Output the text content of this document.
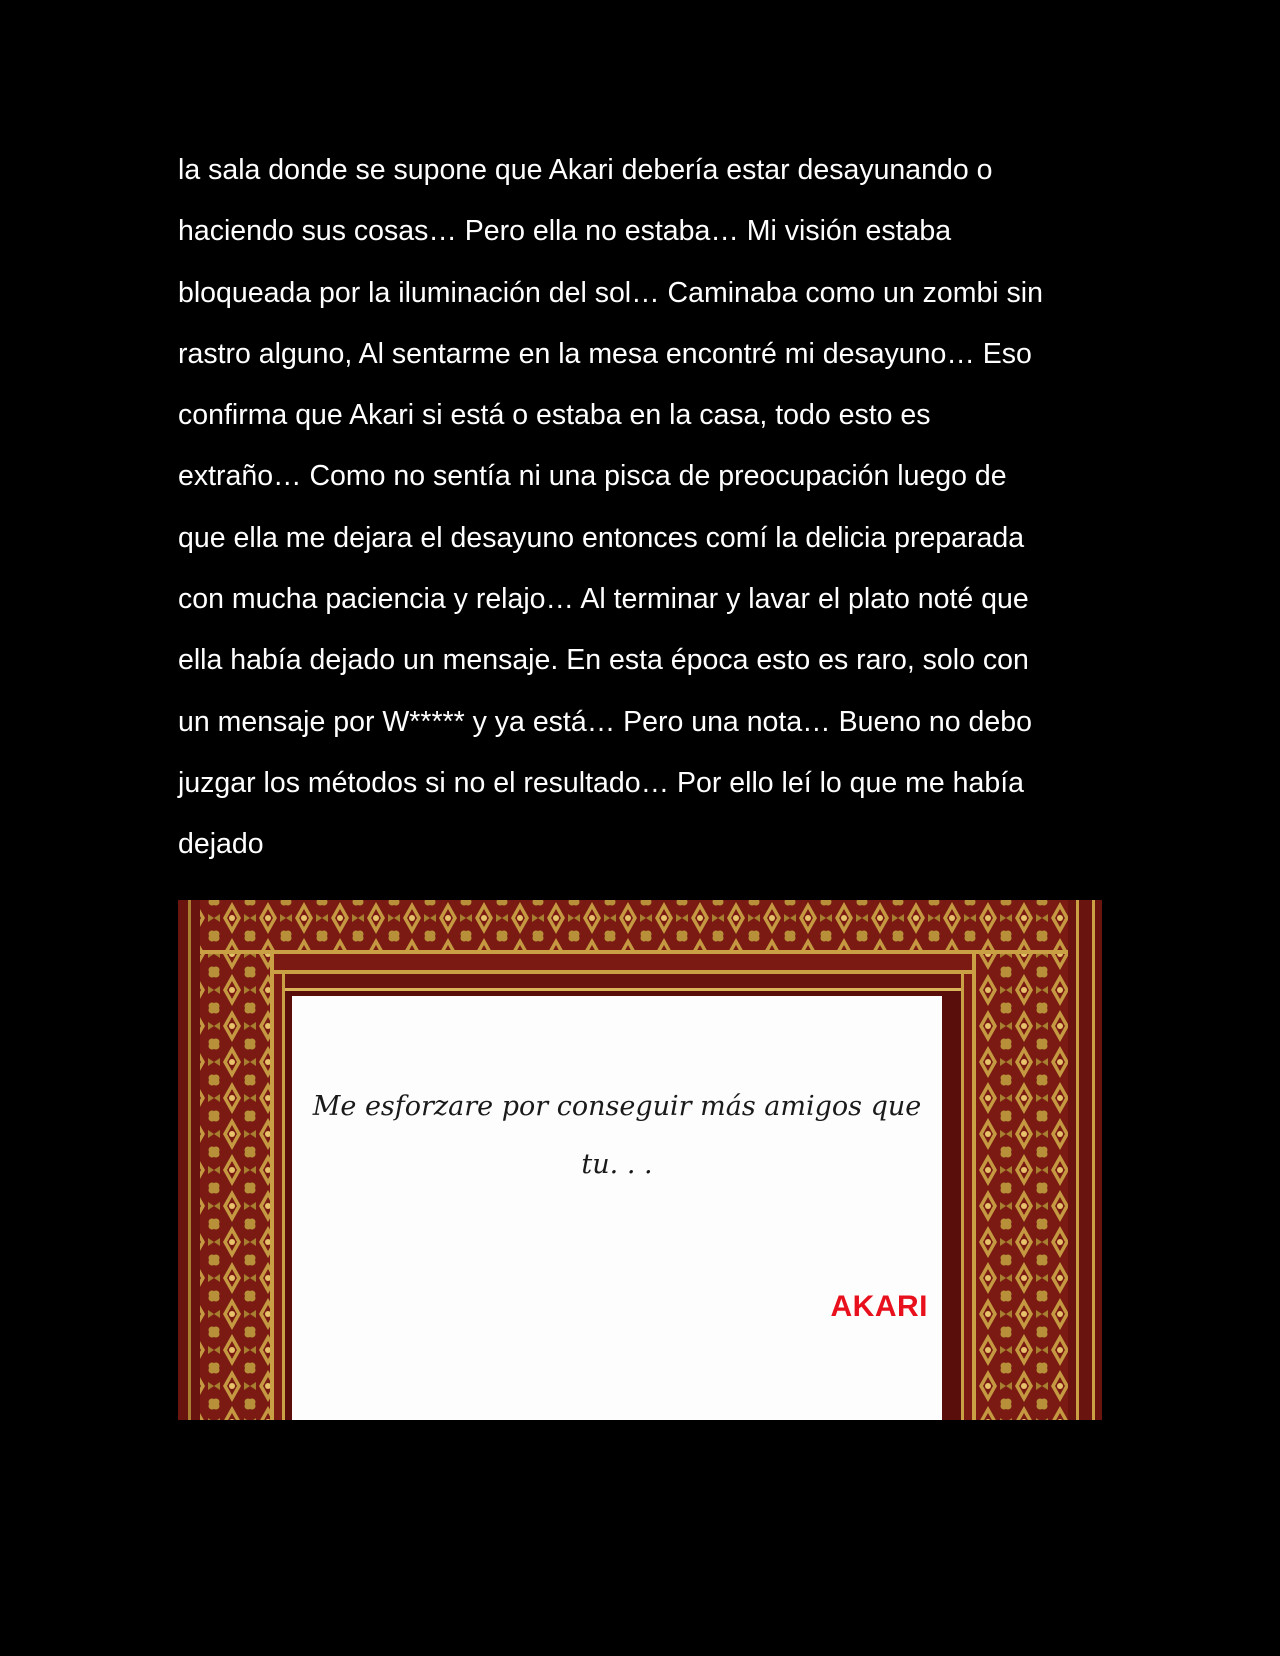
la sala donde se supone que Akari debería estar desayunando o
haciendo sus cosas… Pero ella no estaba… Mi visión estaba
bloqueada por la iluminación del sol… Caminaba como un zombi sin
rastro alguno, Al sentarme en la mesa encontré mi desayuno… Eso
confirma que Akari si está o estaba en la casa, todo esto es
extraño… Como no sentía ni una pisca de preocupación luego de
que ella me dejara el desayuno entonces comí la delicia preparada
con mucha paciencia y relajo… Al terminar y lavar el plato noté que
ella había dejado un mensaje. En esta época esto es raro, solo con
un mensaje por W***** y ya está… Pero una nota… Bueno no debo
juzgar los métodos si no el resultado… Por ello leí lo que me había
dejado

Me esforzare por conseguir más amigos que
tu. . .

AKARI
